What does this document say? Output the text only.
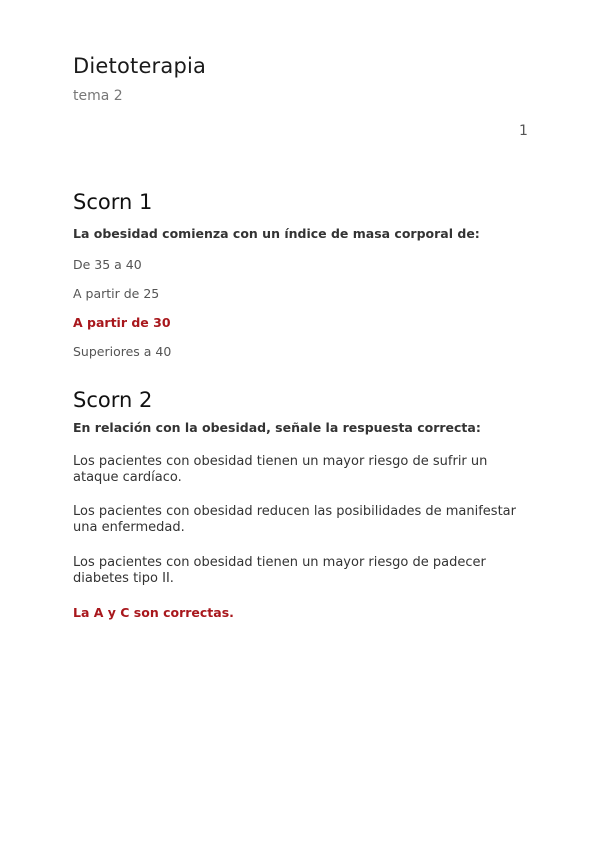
Dietoterapia
tema 2
1
Scorn 1

La obesidad comienza con un índice de masa corporal de:

De 35 a 40

A partir de 25

A partir de 30

Superiores a 40

Scorn 2

En relación con la obesidad, señale la respuesta correcta:

Los pacientes con obesidad tienen un mayor riesgo de sufrir un ataque cardíaco.

Los pacientes con obesidad reducen las posibilidades de manifestar una enfermedad.

Los pacientes con obesidad tienen un mayor riesgo de padecer diabetes tipo II.

La A y C son correctas.
